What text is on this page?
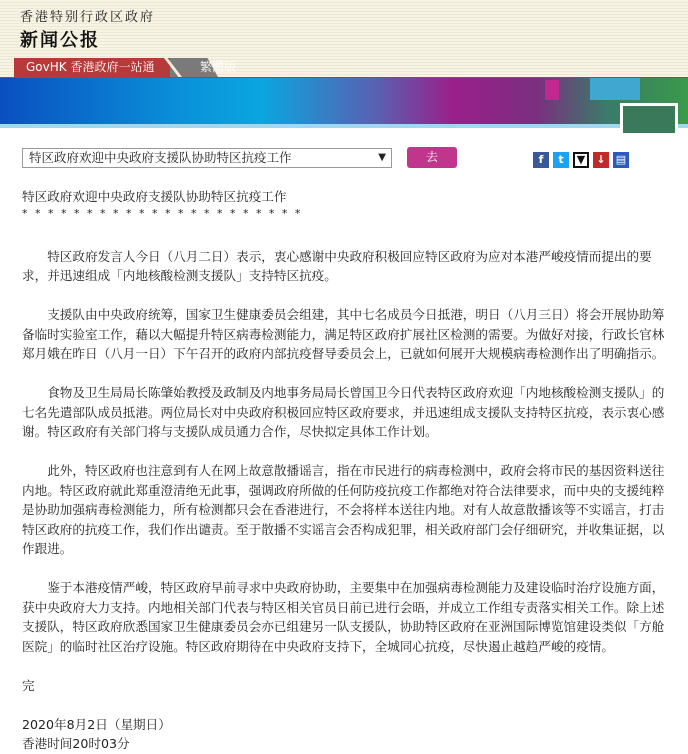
香港特别行政区政府
新闻公报
GovHK 香港政府一站通	繁體版
特区政府欢迎中央政府支援队协助特区抗疫工作	▼	去	f	t	▼	↓ ▤

特区政府欢迎中央政府支援队协助特区抗疫工作

* * * * * * * * * * * * * * * * * * * * * *

特区政府发言人今日（八月二日）表示，衷心感谢中央政府积极回应特区政府为应对本港严峻疫情而提出的要求，并迅速组成「内地核酸检测支援队」支持特区抗疫。

支援队由中央政府统筹，国家卫生健康委员会组建，其中七名成员今日抵港，明日（八月三日）将会开展协助筹备临时实验室工作，藉以大幅提升特区病毒检测能力，满足特区政府扩展社区检测的需要。为做好对接，行政长官林郑月娥在昨日（八月一日）下午召开的政府内部抗疫督导委员会上，已就如何展开大规模病毒检测作出了明确指示。

食物及卫生局局长陈肇始教授及政制及内地事务局局长曾国卫今日代表特区政府欢迎「内地核酸检测支援队」的七名先遣部队成员抵港。两位局长对中央政府积极回应特区政府要求，并迅速组成支援队支持特区抗疫，表示衷心感谢。特区政府有关部门将与支援队成员通力合作，尽快拟定具体工作计划。

此外，特区政府也注意到有人在网上故意散播谣言，指在市民进行的病毒检测中，政府会将市民的基因资料送往内地。特区政府就此郑重澄清绝无此事，强调政府所做的任何防疫抗疫工作都绝对符合法律要求，而中央的支援纯粹是协助加强病毒检测能力，所有检测都只会在香港进行，不会将样本送往内地。对有人故意散播该等不实谣言，打击特区政府的抗疫工作，我们作出谴责。至于散播不实谣言会否构成犯罪，相关政府部门会仔细研究，并收集证据，以作跟进。

鉴于本港疫情严峻，特区政府早前寻求中央政府协助，主要集中在加强病毒检测能力及建设临时治疗设施方面，获中央政府大力支持。内地相关部门代表与特区相关官员日前已进行会晤，并成立工作组专责落实相关工作。除上述支援队，特区政府欣悉国家卫生健康委员会亦已组建另一队支援队，协助特区政府在亚洲国际博览馆建设类似「方舱医院」的临时社区治疗设施。特区政府期待在中央政府支持下，全城同心抗疫，尽快遏止越趋严峻的疫情。

完

2020年8月2日（星期日）
香港时间20时03分
